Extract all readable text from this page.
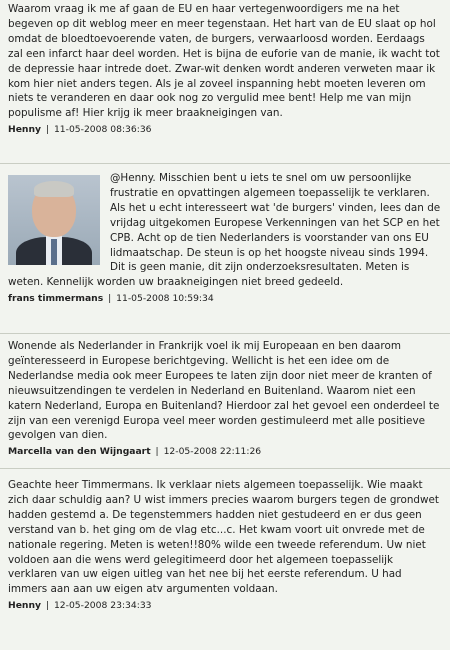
Waarom vraag ik me af gaan de EU en haar vertegenwoordigers me na het begeven op dit weblog meer en meer tegenstaan. Het hart van de EU slaat op hol omdat de bloedtoevoerende vaten, de burgers, verwaarloosd worden. Eerdaags zal een infarct haar deel worden. Het is bijna de euforie van de manie, ik wacht tot de depressie haar intrede doet. Zwar-wit denken wordt anderen verweten maar ik kom hier niet anders tegen. Als je al zoveel inspanning hebt moeten leveren om niets te veranderen en daar ook nog zo vergulid mee bent! Help me van mijn populisme af! Hier krijg ik meer braakneigingen van.

Henny | 11-05-2008 08:36:36

@Henny. Misschien bent u iets te snel om uw persoonlijke frustratie en opvattingen algemeen toepasselijk te verklaren. Als het u echt interesseert wat 'de burgers' vinden, lees dan de vrijdag uitgekomen Europese Verkenningen van het SCP en het CPB. Acht op de tien Nederlanders is voorstander van ons EU lidmaatschap. De steun is op het hoogste niveau sinds 1994. Dit is geen manie, dit zijn onderzoeksresultaten. Meten is weten. Kennelijk worden uw braakneigingen niet breed gedeeld.

frans timmermans | 11-05-2008 10:59:34

Wonende als Nederlander in Frankrijk voel ik mij Europeaan en ben daarom geïnteresseerd in Europese berichtgeving. Wellicht is het een idee om de Nederlandse media ook meer Europees te laten zijn door niet meer de kranten of nieuwsuitzendingen te verdelen in Nederland en Buitenland. Waarom niet een katern Nederland, Europa en Buitenland? Hierdoor zal het gevoel een onderdeel te zijn van een verenigd Europa veel meer worden gestimuleerd met alle positieve gevolgen van dien.

Marcella van den Wijngaart | 12-05-2008 22:11:26

Geachte heer Timmermans. Ik verklaar niets algemeen toepasselijk. Wie maakt zich daar schuldig aan? U wist immers precies waarom burgers tegen de grondwet hadden gestemd a. De tegenstemmers hadden niet gestudeerd en er dus geen verstand van b. het ging om de vlag etc...c. Het kwam voort uit onvrede met de nationale regering. Meten is weten!!80% wilde een tweede referendum. Uw niet voldoen aan die wens werd gelegitimeerd door het algemeen toepasselijk verklaren van uw eigen uitleg van het nee bij het eerste referendum. U had immers aan aan uw eigen atv argumenten voldaan.

Henny | 12-05-2008 23:34:33
